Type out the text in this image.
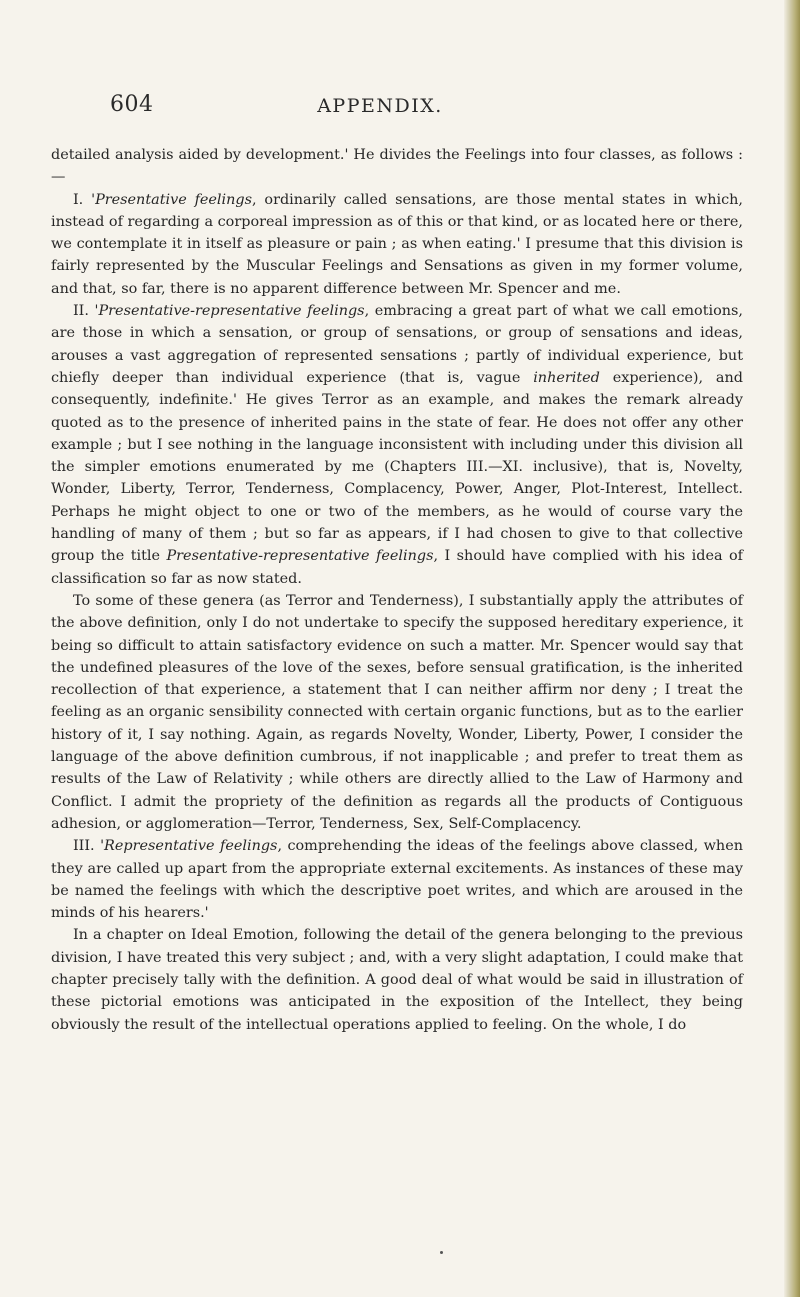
604	APPENDIX.

detailed analysis aided by development.' He divides the Feelings into four classes, as follows :—

I. 'Presentative feelings, ordinarily called sensations, are those mental states in which, instead of regarding a corporeal impression as of this or that kind, or as located here or there, we contemplate it in itself as pleasure or pain ; as when eating.' I presume that this division is fairly represented by the Muscular Feelings and Sensations as given in my former volume, and that, so far, there is no apparent difference between Mr. Spencer and me.

II. 'Presentative-representative feelings, embracing a great part of what we call emotions, are those in which a sensation, or group of sensations, or group of sensations and ideas, arouses a vast aggregation of represented sensations ; partly of individual experience, but chiefly deeper than individual experience (that is, vague inherited experience), and consequently, indefinite.' He gives Terror as an example, and makes the remark already quoted as to the presence of inherited pains in the state of fear. He does not offer any other example ; but I see nothing in the language inconsistent with including under this division all the simpler emotions enumerated by me (Chapters III.—XI. inclusive), that is, Novelty, Wonder, Liberty, Terror, Tenderness, Complacency, Power, Anger, Plot-Interest, Intellect. Perhaps he might object to one or two of the members, as he would of course vary the handling of many of them ; but so far as appears, if I had chosen to give to that collective group the title Presentative-representative feelings, I should have complied with his idea of classification so far as now stated.

To some of these genera (as Terror and Tenderness), I substantially apply the attributes of the above definition, only I do not undertake to specify the supposed hereditary experience, it being so difficult to attain satisfactory evidence on such a matter. Mr. Spencer would say that the undefined pleasures of the love of the sexes, before sensual gratification, is the inherited recollection of that experience, a statement that I can neither affirm nor deny ; I treat the feeling as an organic sensibility connected with certain organic functions, but as to the earlier history of it, I say nothing. Again, as regards Novelty, Wonder, Liberty, Power, I consider the language of the above definition cumbrous, if not inapplicable ; and prefer to treat them as results of the Law of Relativity ; while others are directly allied to the Law of Harmony and Conflict. I admit the propriety of the definition as regards all the products of Contiguous adhesion, or agglomeration—Terror, Tenderness, Sex, Self-Complacency.

III. 'Representative feelings, comprehending the ideas of the feelings above classed, when they are called up apart from the appropriate external excitements. As instances of these may be named the feelings with which the descriptive poet writes, and which are aroused in the minds of his hearers.'

In a chapter on Ideal Emotion, following the detail of the genera belonging to the previous division, I have treated this very subject ; and, with a very slight adaptation, I could make that chapter precisely tally with the definition. A good deal of what would be said in illustration of these pictorial emotions was anticipated in the exposition of the Intellect, they being obviously the result of the intellectual operations applied to feeling. On the whole, I do
